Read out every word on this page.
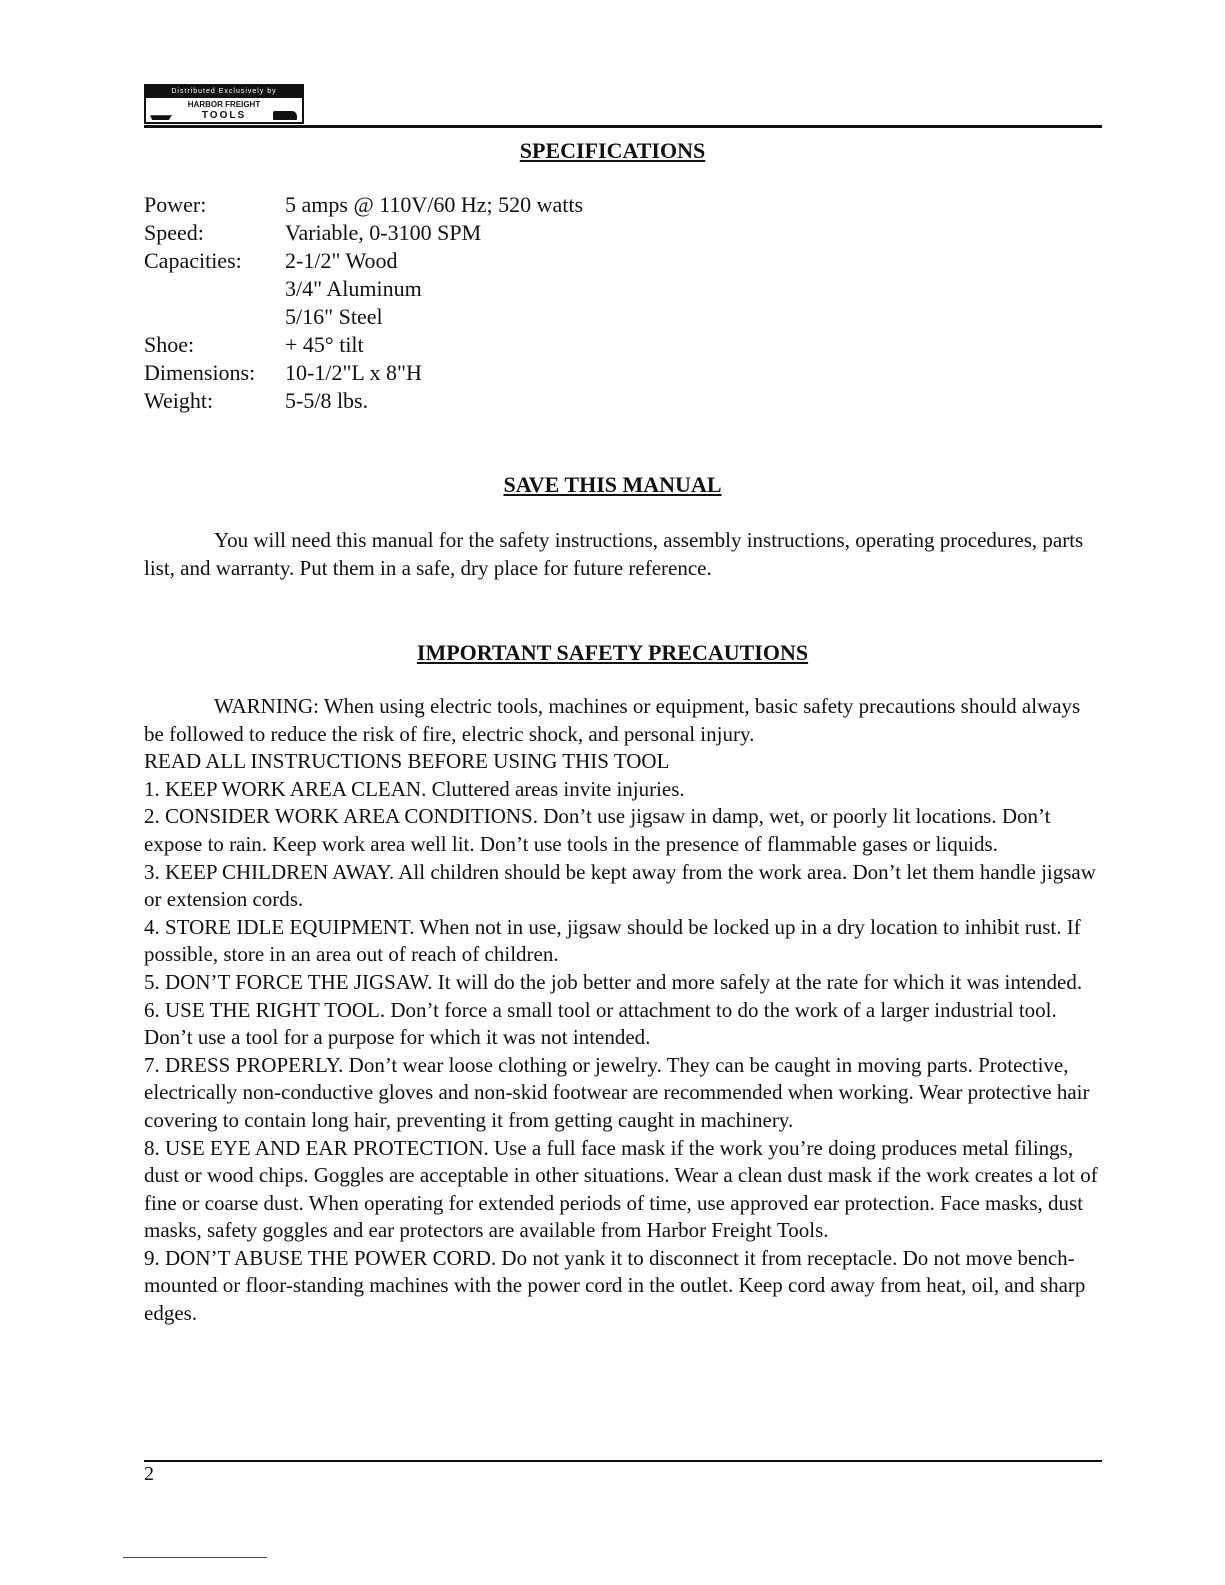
Distributed Exclusively by
HARBOR FREIGHT
TOOLS
SPECIFICATIONS
Power:	5 amps @ 110V/60 Hz; 520 watts
Speed:	Variable, 0-3100 SPM
Capacities:	2-1/2" Wood
3/4" Aluminum
5/16" Steel
Shoe:	+ 45° tilt
Dimensions:	10-1/2"L x 8"H
Weight:	5-5/8 lbs.
SAVE THIS MANUAL

You will need this manual for the safety instructions, assembly instructions, operating procedures, parts list, and warranty. Put them in a safe, dry place for future reference.

IMPORTANT SAFETY PRECAUTIONS

WARNING: When using electric tools, machines or equipment, basic safety precautions should always be followed to reduce the risk of fire, electric shock, and personal injury.

READ ALL INSTRUCTIONS BEFORE USING THIS TOOL

1. KEEP WORK AREA CLEAN. Cluttered areas invite injuries.

2. CONSIDER WORK AREA CONDITIONS. Don’t use jigsaw in damp, wet, or poorly lit locations. Don’t expose to rain. Keep work area well lit. Don’t use tools in the presence of flammable gases or liquids.

3. KEEP CHILDREN AWAY. All children should be kept away from the work area. Don’t let them handle jigsaw or extension cords.

4. STORE IDLE EQUIPMENT. When not in use, jigsaw should be locked up in a dry location to inhibit rust. If possible, store in an area out of reach of children.

5. DON’T FORCE THE JIGSAW. It will do the job better and more safely at the rate for which it was intended.

6. USE THE RIGHT TOOL. Don’t force a small tool or attachment to do the work of a larger industrial tool. Don’t use a tool for a purpose for which it was not intended.

7. DRESS PROPERLY. Don’t wear loose clothing or jewelry. They can be caught in moving parts. Protective, electrically non-conductive gloves and non-skid footwear are recommended when working. Wear protective hair covering to contain long hair, preventing it from getting caught in machinery.

8. USE EYE AND EAR PROTECTION. Use a full face mask if the work you’re doing produces metal filings, dust or wood chips. Goggles are acceptable in other situations. Wear a clean dust mask if the work creates a lot of fine or coarse dust. When operating for extended periods of time, use approved ear protection. Face masks, dust masks, safety goggles and ear protectors are available from Harbor Freight Tools.

9. DON’T ABUSE THE POWER CORD. Do not yank it to disconnect it from receptacle. Do not move bench-mounted or floor-standing machines with the power cord in the outlet. Keep cord away from heat, oil, and sharp edges.

2
